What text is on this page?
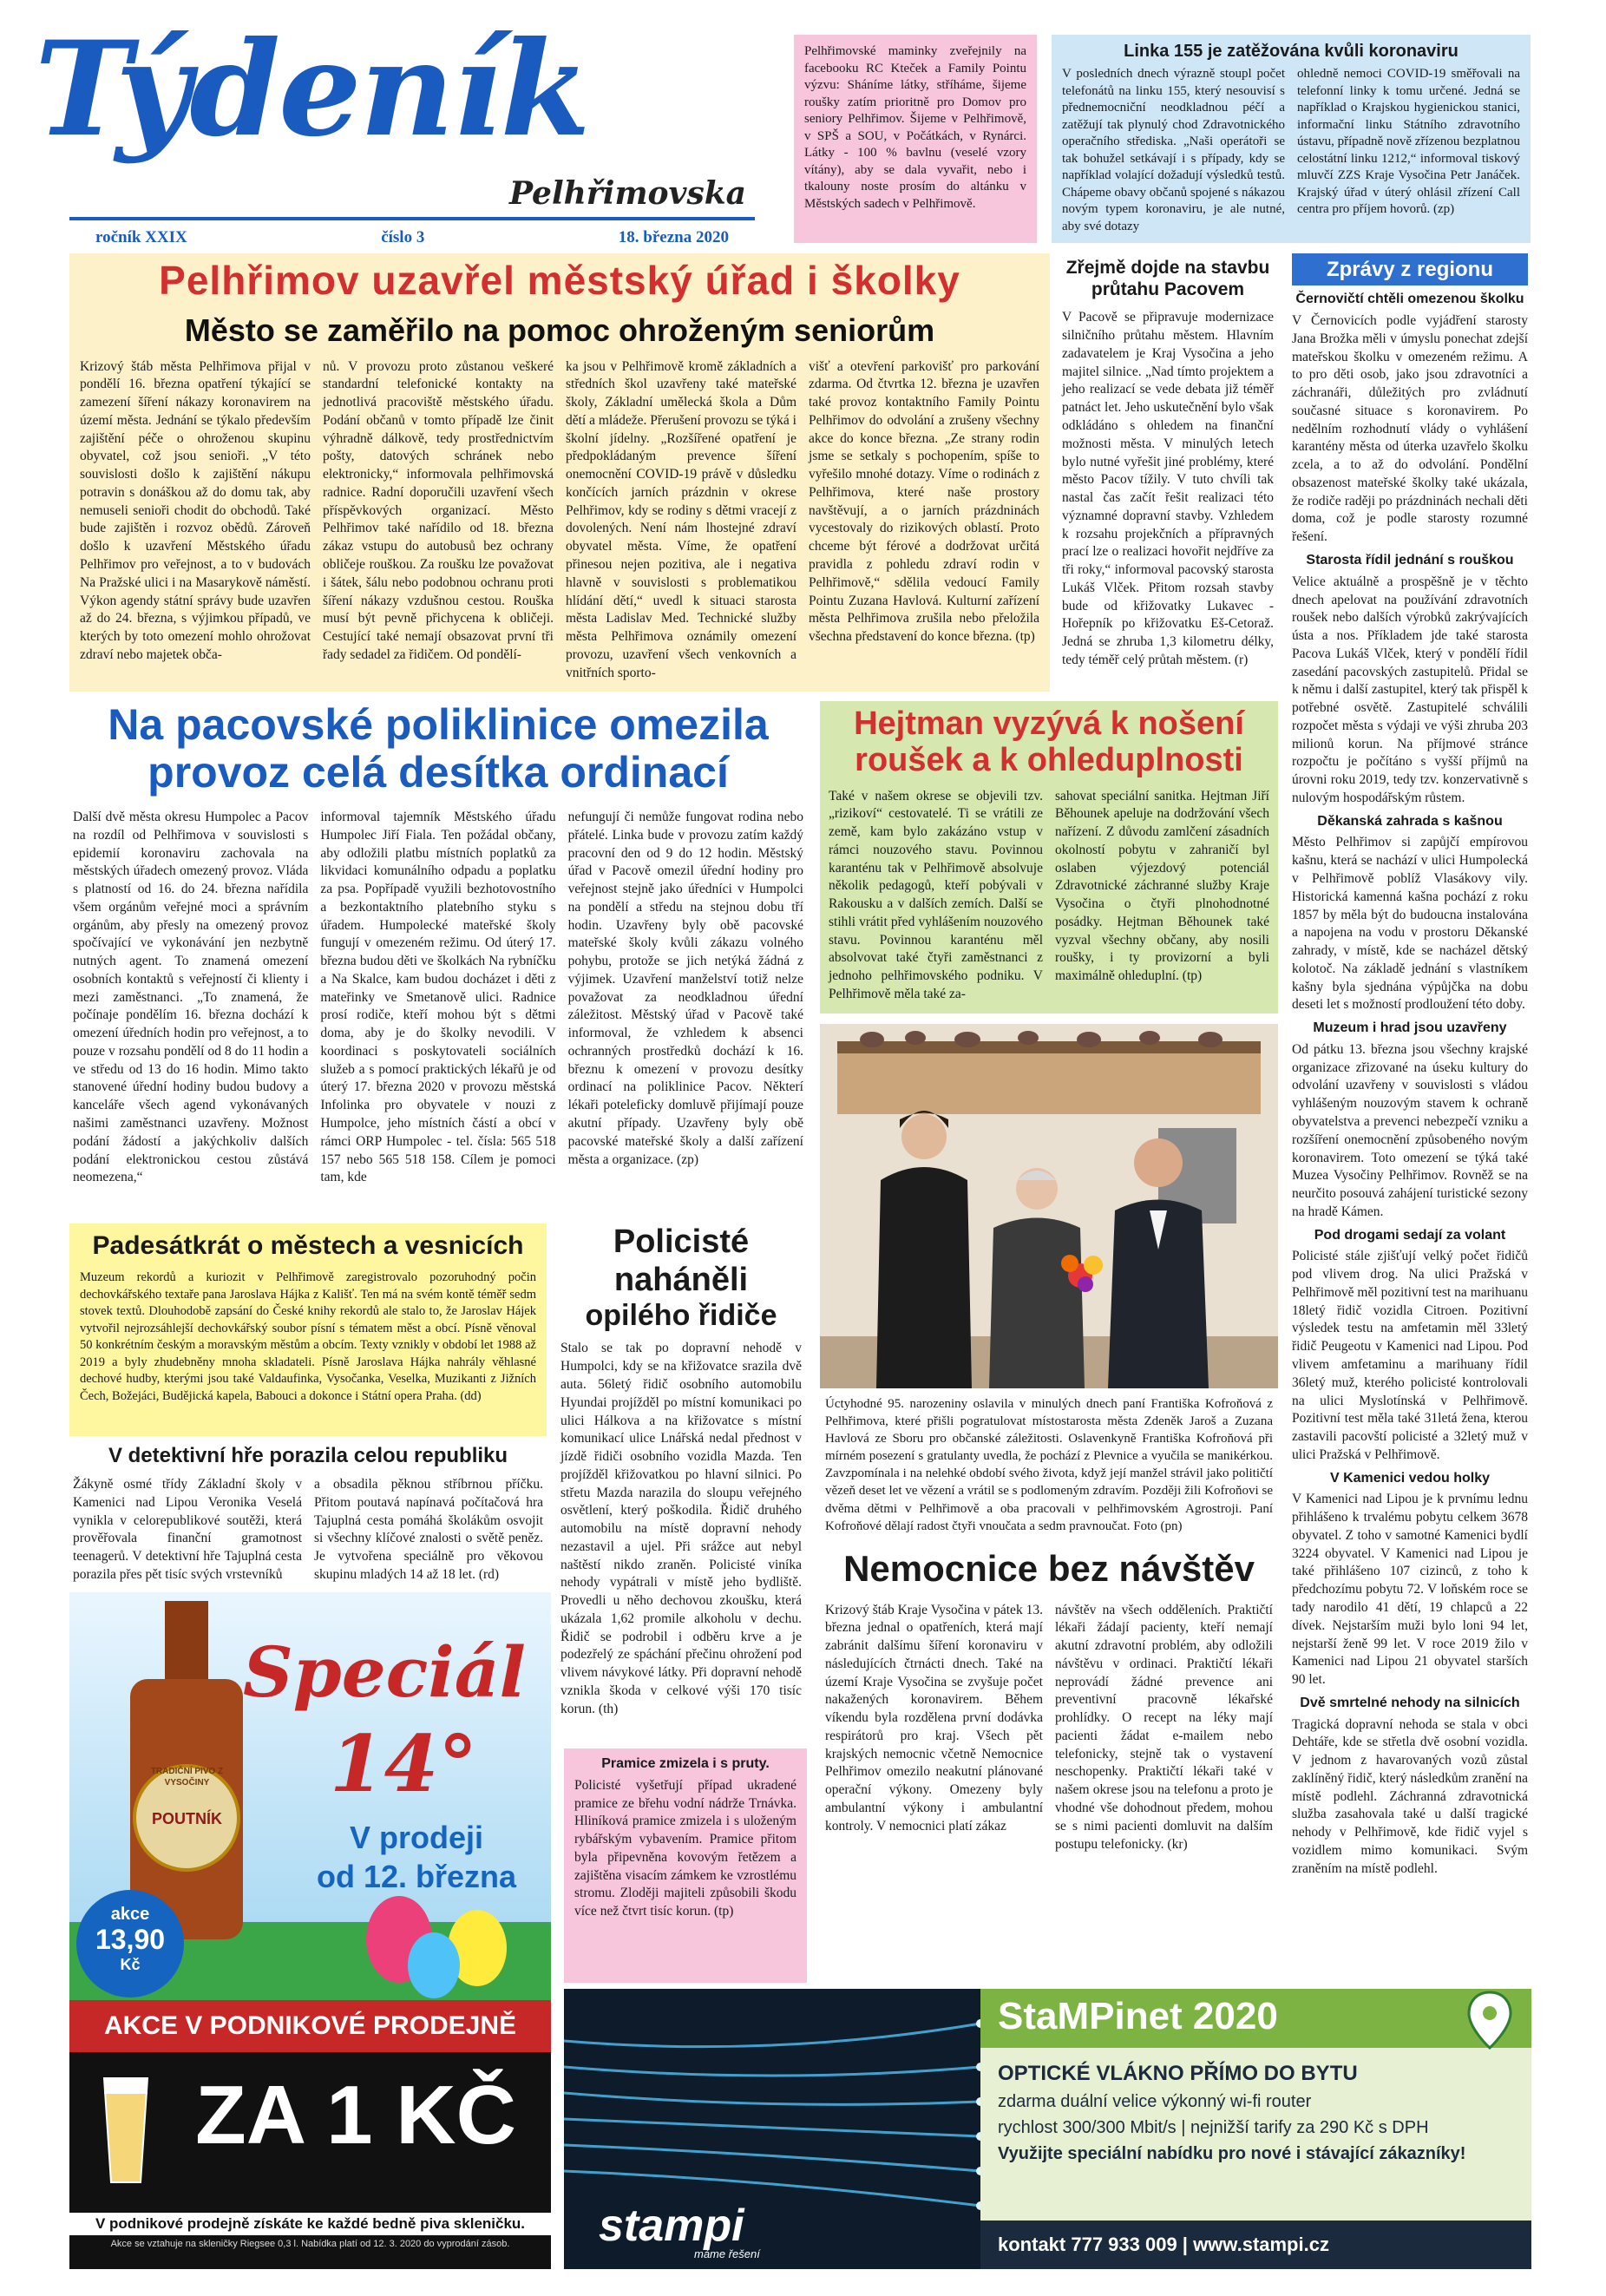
Týdeník
Pelhřimovska
ročník XXIX	číslo 3	18. března 2020
Pelhřimovské maminky zveřejnily na facebooku RC Kteček a Family Pointu výzvu: Sháníme látky, stříháme, šijeme roušky zatím prioritně pro Domov pro seniory Pelhřimov. Šijeme v Pelhřimově, v SPŠ a SOU, v Počátkách, v Rynárci. Látky - 100 % bavlnu (veselé vzory vítány), aby se dala vyvařit, nebo i tkalouny noste prosím do altánku v Městských sadech v Pelhřimově.
Linka 155 je zatěžována kvůli koronaviru
V posledních dnech výrazně stoupl počet telefonátů na linku 155, který nesouvisí s přednemocniční neodkladnou péčí a zatěžují tak plynulý chod Zdravotnického operačního střediska. „Naši operátoři se tak bohužel setkávají i s případy, kdy se například volající dožadují výsledků testů. Chápeme obavy občanů spojené s nákazou novým typem koronaviru, je ale nutné, aby své dotazy
ohledně nemoci COVID-19 směřovali na telefonní linky k tomu určené. Jedná se například o Krajskou hygienickou stanici, informační linku Státního zdravotního ústavu, případně nově zřízenou bezplatnou celostátní linku 1212,“ informoval tiskový mluvčí ZZS Kraje Vysočina Petr Janáček. Krajský úřad v úterý ohlásil zřízení Call centra pro příjem hovorů. (zp)
Pelhřimov uzavřel městský úřad i školky
Město se zaměřilo na pomoc ohroženým seniorům
Krizový štáb města Pelhřimova přijal v pondělí 16. března opatření týkající se zamezení šíření nákazy koronavirem na území města. Jednání se týkalo především zajištění péče o ohroženou skupinu obyvatel, což jsou senioři. „V této souvislosti došlo k zajištění nákupu potravin s donáškou až do domu tak, aby nemuseli senioři chodit do obchodů. Také bude zajištěn i rozvoz obědů. Zároveň došlo k uzavření Městského úřadu Pelhřimov pro veřejnost, a to v budovách Na Pražské ulici i na Masarykově náměstí. Výkon agendy státní správy bude uzavřen až do 24. března, s výjimkou případů, ve kterých by toto omezení mohlo ohrožovat zdraví nebo majetek obča-
nů. V provozu proto zůstanou veškeré standardní telefonické kontakty na jednotlivá pracoviště městského úřadu. Podání občanů v tomto případě lze činit výhradně dálkově, tedy prostřednictvím pošty, datových schránek nebo elektronicky,“ informovala pelhřimovská radnice. Radní doporučili uzavření všech příspěvkových organizací. Město Pelhřimov také nařídilo od 18. března zákaz vstupu do autobusů bez ochrany obličeje rouškou. Za roušku lze považovat i šátek, šálu nebo podobnou ochranu proti šíření nákazy vzdušnou cestou. Rouška musí být pevně přichycena k obličeji. Cestující také nemají obsazovat první tři řady sedadel za řidičem. Od pondělí-
ka jsou v Pelhřimově kromě základních a středních škol uzavřeny také mateřské školy, Základní umělecká škola a Dům dětí a mládeže. Přerušení provozu se týká i školní jídelny. „Rozšířené opatření je předpokládaným prevence šíření onemocnění COVID-19 právě v důsledku končících jarních prázdnin v okrese Pelhřimov, kdy se rodiny s dětmi vracejí z dovolených. Není nám lhostejné zdraví obyvatel města. Víme, že opatření přinesou nejen pozitiva, ale i negativa hlavně v souvislosti s problematikou hlídání dětí,“ uvedl k situaci starosta města Ladislav Med. Technické služby města Pelhřimova oznámily omezení provozu, uzavření všech venkovních a vnitřních sporto-
višť a otevření parkovišť pro parkování zdarma. Od čtvrtka 12. března je uzavřen také provoz kontaktního Family Pointu Pelhřimov do odvolání a zrušeny všechny akce do konce března. „Ze strany rodin jsme se setkaly s pochopením, spíše to vyřešilo mnohé dotazy. Víme o rodinách z Pelhřimova, které naše prostory navštěvují, a o jarních prázdninách vycestovaly do rizikových oblastí. Proto chceme být férové a dodržovat určitá pravidla z pohledu zdraví rodin v Pelhřimově,“ sdělila vedoucí Family Pointu Zuzana Havlová. Kulturní zařízení města Pelhřimova zrušila nebo přeložila všechna představení do konce března. (tp)
Zřejmě dojde na stavbu průtahu Pacovem
V Pacově se připravuje modernizace silničního průtahu městem. Hlavním zadavatelem je Kraj Vysočina a jeho majitel silnice. „Nad tímto projektem a jeho realizací se vede debata již téměř patnáct let. Jeho uskutečnění bylo však odkládáno s ohledem na finanční možnosti města. V minulých letech bylo nutné vyřešit jiné problémy, které město Pacov tížily. V tuto chvíli tak nastal čas začít řešit realizaci této významné dopravní stavby. Vzhledem k rozsahu projekčních a přípravných prací lze o realizaci hovořit nejdříve za tři roky,“ informoval pacovský starosta Lukáš Vlček. Přitom rozsah stavby bude od křižovatky Lukavec - Hořepník po křižovatku Eš-Cetoraž. Jedná se zhruba 1,3 kilometru délky, tedy téměř celý průtah městem. (r)
Zprávy z regionu
Černovičtí chtěli omezenou školku
V Černovicích podle vyjádření starosty Jana Brožka měli v úmyslu ponechat zdejší mateřskou školku v omezeném režimu. A to pro děti osob, jako jsou zdravotníci a záchranáři, důležitých pro zvládnutí současné situace s koronavirem. Po nedělním rozhodnutí vlády o vyhlášení karantény města od úterka uzavřelo školku zcela, a to až do odvolání. Pondělní obsazenost mateřské školky také ukázala, že rodiče raději po prázdninách nechali děti doma, což je podle starosty rozumné řešení.
Starosta řídil jednání s rouškou
Velice aktuálně a prospěšně je v těchto dnech apelovat na používání zdravotních roušek nebo dalších výrobků zakrývajících ústa a nos. Příkladem jde také starosta Pacova Lukáš Vlček, který v pondělí řídil zasedání pacovských zastupitelů. Přidal se k němu i další zastupitel, který tak přispěl k potřebné osvětě. Zastupitelé schválili rozpočet města s výdaji ve výši zhruba 203 milionů korun. Na příjmové stránce rozpočtu je počítáno s vyšší příjmů na úrovni roku 2019, tedy tzv. konzervativně s nulovým hospodářským růstem.
Děkanská zahrada s kašnou
Město Pelhřimov si zapůjčí empírovou kašnu, která se nachází v ulici Humpolecká v Pelhřimově poblíž Vlasákovy vily. Historická kamenná kašna pochází z roku 1857 by měla být do budoucna instalována a napojena na vodu v prostoru Děkanské zahrady, v místě, kde se nacházel dětský kolotoč. Na základě jednání s vlastníkem kašny byla sjednána výpůjčka na dobu deseti let s možností prodloužení této doby.
Muzeum i hrad jsou uzavřeny
Od pátku 13. března jsou všechny krajské organizace zřizované na úseku kultury do odvolání uzavřeny v souvislosti s vládou vyhlášeným nouzovým stavem k ochraně obyvatelstva a prevenci nebezpečí vzniku a rozšíření onemocnění způsobeného novým koronavirem. Toto omezení se týká také Muzea Vysočiny Pelhřimov. Rovněž se na neurčito posouvá zahájení turistické sezony na hradě Kámen.
Pod drogami sedají za volant
Policisté stále zjišťují velký počet řidičů pod vlivem drog. Na ulici Pražská v Pelhřimově měl pozitivní test na marihuanu 18letý řidič vozidla Citroen. Pozitivní výsledek testu na amfetamin měl 33letý řidič Peugeotu v Kamenici nad Lipou. Pod vlivem amfetaminu a marihuany řídil 36letý muž, kterého policisté kontrolovali na ulici Myslotínská v Pelhřimově. Pozitivní test měla také 31letá žena, kterou zastavili pacovští policisté a 32letý muž v ulici Pražská v Pelhřimově.
V Kamenici vedou holky
V Kamenici nad Lipou je k prvnímu lednu přihlášeno k trvalému pobytu celkem 3678 obyvatel. Z toho v samotné Kamenici bydlí 3224 obyvatel. V Kamenici nad Lipou je také přihlášeno 107 cizinců, z toho k předchozímu pobytu 72. V loňském roce se tady narodilo 41 dětí, 19 chlapců a 22 dívek. Nejstarším muži bylo loni 94 let, nejstarší ženě 99 let. V roce 2019 žilo v Kamenici nad Lipou 21 obyvatel starších 90 let.
Dvě smrtelné nehody na silnicích
Tragická dopravní nehoda se stala v obci Dehtáře, kde se střetla dvě osobní vozidla. V jednom z havarovaných vozů zůstal zaklíněný řidič, který následkům zranění na místě podlehl. Záchranná zdravotnická služba zasahovala také u další tragické nehody v Pelhřimově, kde řidič vyjel s vozidlem mimo komunikaci. Svým zraněním na místě podlehl.
Na pacovské poliklinice omezila
provoz celá desítka ordinací
Další dvě města okresu Humpolec a Pacov na rozdíl od Pelhřimova v souvislosti s epidemií koronaviru zachovala na městských úřadech omezený provoz. Vláda s platností od 16. do 24. března nařídila všem orgánům veřejné moci a správním orgánům, aby přesly na omezený provoz spočívající ve vykonávání jen nezbytně nutných agent. To znamená omezení osobních kontaktů s veřejností či klienty i mezi zaměstnanci. „To znamená, že počínaje pondělím 16. března dochází k omezení úředních hodin pro veřejnost, a to pouze v rozsahu pondělí od 8 do 11 hodin a ve středu od 13 do 16 hodin. Mimo takto stanovené úřední hodiny budou budovy a kanceláře všech agend vykonávaných našimi zaměstnanci uzavřeny. Možnost podání žádostí a jakýchkoliv dalších podání elektronickou cestou zůstává neomezena,“
informoval tajemník Městského úřadu Humpolec Jiří Fiala. Ten požádal občany, aby odložili platbu místních poplatků za likvidaci komunálního odpadu a poplatku za psa. Popřípadě využili bezhotovostního a bezkontaktního platebního styku s úřadem. Humpolecké mateřské školy fungují v omezeném režimu. Od úterý 17. března budou děti ve školkách Na rybníčku a Na Skalce, kam budou docházet i děti z mateřinky ve Smetanově ulici. Radnice prosí rodiče, kteří mohou být s dětmi doma, aby je do školky nevodili. V koordinaci s poskytovateli sociálních služeb a s pomocí praktických lékařů je od úterý 17. března 2020 v provozu městská Infolinka pro obyvatele v nouzi z Humpolce, jeho místních částí a obcí v rámci ORP Humpolec - tel. čísla: 565 518 157 nebo 565 518 158. Cílem je pomoci tam, kde
nefungují či nemůže fungovat rodina nebo přátelé. Linka bude v provozu zatím každý pracovní den od 9 do 12 hodin. Městský úřad v Pacově omezil úřední hodiny pro veřejnost stejně jako úředníci v Humpolci na pondělí a středu na stejnou dobu tří hodin. Uzavřeny byly obě pacovské mateřské školy kvůli zákazu volného pohybu, protože se jich netýká žádná z výjimek. Uzavření manželství totiž nelze považovat za neodkladnou úřední záležitost. Městský úřad v Pacově také informoval, že vzhledem k absenci ochranných prostředků dochází k 16. březnu k omezení v provozu desítky ordinací na poliklinice Pacov. Některí lékaři poteleficky domluvě přijímají pouze akutní případy. Uzavřeny byly obě pacovské mateřské školy a další zařízení města a organizace. (zp)
Hejtman vyzývá k nošení
roušek a k ohleduplnosti
Také v našem okrese se objevili tzv. „rizikoví“ cestovatelé. Ti se vrátili ze země, kam bylo zakázáno vstup v rámci nouzového stavu. Povinnou karanténu tak v Pelhřimově absolvuje několik pedagogů, kteří pobývali v Rakousku a v dalších zemích. Další se stihli vrátit před vyhlášením nouzového stavu. Povinnou karanténu měl absolvovat také čtyři zaměstnanci z jednoho pelhřimovského podniku. V Pelhřimově měla také za-
sahovat speciální sanitka. Hejtman Jiří Běhounek apeluje na dodržování všech nařízení. Z důvodu zamlčení zásadních okolností pobytu v zahraničí byl oslaben výjezdový potenciál Zdravotnické záchranné služby Kraje Vysočina o čtyři plnohodnotné posádky. Hejtman Běhounek také vyzval všechny občany, aby nosili roušky, i ty provizorní a byli maximálně ohleduplní. (tp)
Úctyhodné 95. narozeniny oslavila v minulých dnech paní Františka Kofroňová z Pelhřimova, které přišli pogratulovat místostarosta města Zdeněk Jaroš a Zuzana Havlová ze Sboru pro občanské záležitosti. Oslavenkyně Františka Kofroňová při mírném posezení s gratulanty uvedla, že pochází z Plevnice a vyučila se manikérkou. Zavzpomínala i na nelehké období svého života, když její manžel strávil jako političtí vězeň deset let ve vězení a vrátil se s podlomeným zdravím. Později žili Kofroňovi se dvěma dětmi v Pelhřimově a oba pracovali v pelhřimovském Agrostroji. Paní Kofroňové dělají radost čtyři vnoučata a sedm pravnoučat. Foto (pn)
Padesátkrát o městech a vesnicích
Muzeum rekordů a kuriozit v Pelhřimově zaregistrovalo pozoruhodný počin dechovkářského textaře pana Jaroslava Hájka z Kališť. Ten má na svém kontě téměř sedm stovek textů. Dlouhodobě zapsání do České knihy rekordů ale stalo to, že Jaroslav Hájek vytvořil nejrozsáhlejší dechovkářský soubor písní s tématem měst a obcí. Písně věnoval 50 konkrétním českým a moravským městům a obcím. Texty vznikly v období let 1988 až 2019 a byly zhudebněny mnoha skladateli. Písně Jaroslava Hájka nahrály věhlasné dechové hudby, kterými jsou také Valdaufinka, Vysočanka, Veselka, Muzikanti z Jižních Čech, Božejáci, Budějická kapela, Babouci a dokonce i Státní opera Praha. (dd)
Policisté
naháněli
opilého řidiče
Stalo se tak po dopravní nehodě v Humpolci, kdy se na křižovatce srazila dvě auta. 56letý řidič osobního automobilu Hyundai projížděl po místní komunikaci po ulici Hálkova a na křižovatce s místní komunikací ulice Lnářská nedal přednost v jízdě řidiči osobního vozidla Mazda. Ten projížděl křižovatkou po hlavní silnici. Po střetu Mazda narazila do sloupu veřejného osvětlení, který poškodila. Řidič druhého automobilu na místě dopravní nehody nezastavil a ujel. Při srážce aut nebyl naštěstí nikdo zraněn. Policisté viníka nehody vypátrali v místě jeho bydliště. Provedli u něho dechovou zkoušku, která ukázala 1,62 promile alkoholu v dechu. Řidič se podrobil i odběru krve a je podezřelý ze spáchání přečinu ohrožení pod vlivem návykové látky. Při dopravní nehodě vznikla škoda v celkové výši 170 tisíc korun. (th)
V detektivní hře porazila celou republiku
Žákyně osmé třídy Základní školy v Kamenici nad Lipou Veronika Veselá vynikla v celorepublikové soutěži, která prověřovala finanční gramotnost teenagerů. V detektivní hře Tajuplná cesta porazila přes pět tisíc svých vrstevníků
a obsadila pěknou stříbrnou příčku. Přitom poutavá napínavá počítačová hra Tajuplná cesta pomáhá školákům osvojit si všechny klíčové znalosti o světě peněz. Je vytvořena speciálně pro věkovou skupinu mladých 14 až 18 let. (rd)
Pramice zmizela i s pruty.
Policisté vyšetřují případ ukradené pramice ze břehu vodní nádrže Trnávka. Hliníková pramice zmizela i s uloženým rybářským vybavením. Pramice přitom byla připevněna kovovým řetězem a zajištěna visacím zámkem ke vzrostlému stromu. Zloději majiteli způsobili škodu více než čtvrt tisíc korun. (tp)
Nemocnice bez návštěv
Krizový štáb Kraje Vysočina v pátek 13. března jednal o opatřeních, která mají zabránit dalšímu šíření koronaviru v následujících čtrnácti dnech. Také na území Kraje Vysočina se zvyšuje počet nakažených koronavirem. Během víkendu byla rozdělena první dodávka respirátorů pro kraj. Všech pět krajských nemocnic včetně Nemocnice Pelhřimov omezilo neakutní plánované operační výkony. Omezeny byly ambulantní výkony i ambulantní kontroly. V nemocnici platí zákaz
návštěv na všech odděleních. Praktičtí lékaři žádají pacienty, kteří nemají akutní zdravotní problém, aby odložili návštěvu v ordinaci. Praktičtí lékaři neprovádí žádné prevence ani preventivní pracovně lékařské prohlídky. O recept na léky mají pacienti žádat e-mailem nebo telefonicky, stejně tak o vystavení neschopenky. Praktičtí lékaři také v našem okrese jsou na telefonu a proto je vhodné vše dohodnout předem, mohou se s nimi pacienti domluvit na dalším postupu telefonicky. (kr)
TRADIČNÍ PIVO Z VYSOČINY
POUTNÍK
Speciál
14°
V prodeji
od 12. března
akce
13,90
Kč
AKCE V PODNIKOVÉ PRODEJNĚ
ZA 1 KČ
V podnikové prodejně získáte ke každé bedně piva skleničku.
Akce se vztahuje na skleničky Riegsee 0,3 l. Nabídka platí od 12. 3. 2020 do vyprodání zásob.	stampi
máme řešení
StaMPinet 2020
OPTICKÉ VLÁKNO PŘÍMO DO BYTU
zdarma duální velice výkonný wi-fi router
rychlost 300/300 Mbit/s | nejnižší tarify za 290 Kč s DPH
Využijte speciální nabídku pro nové i stávající zákazníky!
kontakt 777 933 009 | www.stampi.cz
